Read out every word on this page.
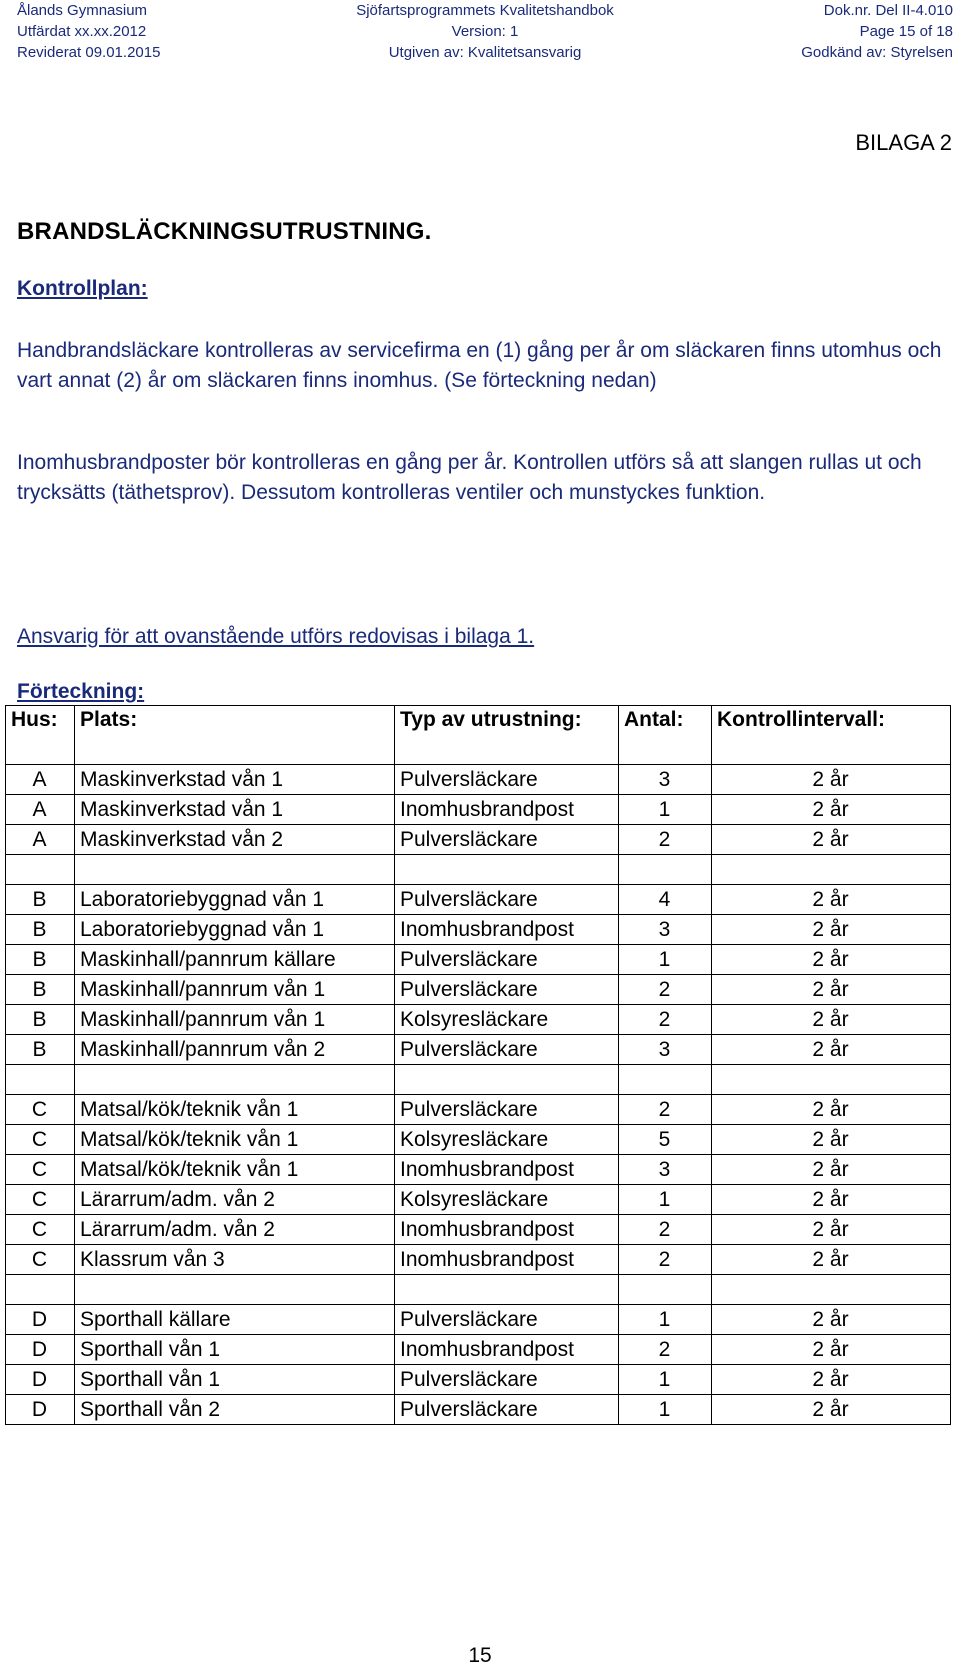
Ålands Gymnasium	Sjöfartsprogrammets Kvalitetshandbok	Dok.nr. Del II-4.010
Utfärdat xx.xx.2012	Version: 1	Page 15 of 18
Reviderat 09.01.2015	Utgiven av: Kvalitetsansvarig	Godkänd av: Styrelsen
BILAGA 2
BRANDSLÄCKNINGSUTRUSTNING.
Kontrollplan:

Handbrandsläckare kontrolleras av servicefirma en (1) gång per år om släckaren finns utomhus och vart annat (2) år om släckaren finns inomhus. (Se förteckning nedan)

Inomhusbrandposter bör kontrolleras en gång per år. Kontrollen utförs så att slangen rullas ut och trycksätts (täthetsprov). Dessutom kontrolleras ventiler och munstyckes funktion.

Ansvarig för att ovanstående utförs redovisas i bilaga 1.

Förteckning:
Hus:	Plats:	Typ av utrustning:	Antal:	Kontrollintervall:
A	Maskinverkstad vån 1	Pulversläckare	3	2 år
A	Maskinverkstad vån 1	Inomhusbrandpost	1	2 år
A	Maskinverkstad vån 2	Pulversläckare	2	2 år

B	Laboratoriebyggnad vån 1	Pulversläckare	4	2 år
B	Laboratoriebyggnad vån 1	Inomhusbrandpost	3	2 år
B	Maskinhall/pannrum källare	Pulversläckare	1	2 år
B	Maskinhall/pannrum vån 1	Pulversläckare	2	2 år
B	Maskinhall/pannrum vån 1	Kolsyresläckare	2	2 år
B	Maskinhall/pannrum vån 2	Pulversläckare	3	2 år

C	Matsal/kök/teknik vån 1	Pulversläckare	2	2 år
C	Matsal/kök/teknik vån 1	Kolsyresläckare	5	2 år
C	Matsal/kök/teknik vån 1	Inomhusbrandpost	3	2 år
C	Lärarrum/adm. vån 2	Kolsyresläckare	1	2 år
C	Lärarrum/adm. vån 2	Inomhusbrandpost	2	2 år
C	Klassrum vån 3	Inomhusbrandpost	2	2 år

D	Sporthall källare	Pulversläckare	1	2 år
D	Sporthall vån 1	Inomhusbrandpost	2	2 år
D	Sporthall vån 1	Pulversläckare	1	2 år
D	Sporthall vån 2	Pulversläckare	1	2 år
15
